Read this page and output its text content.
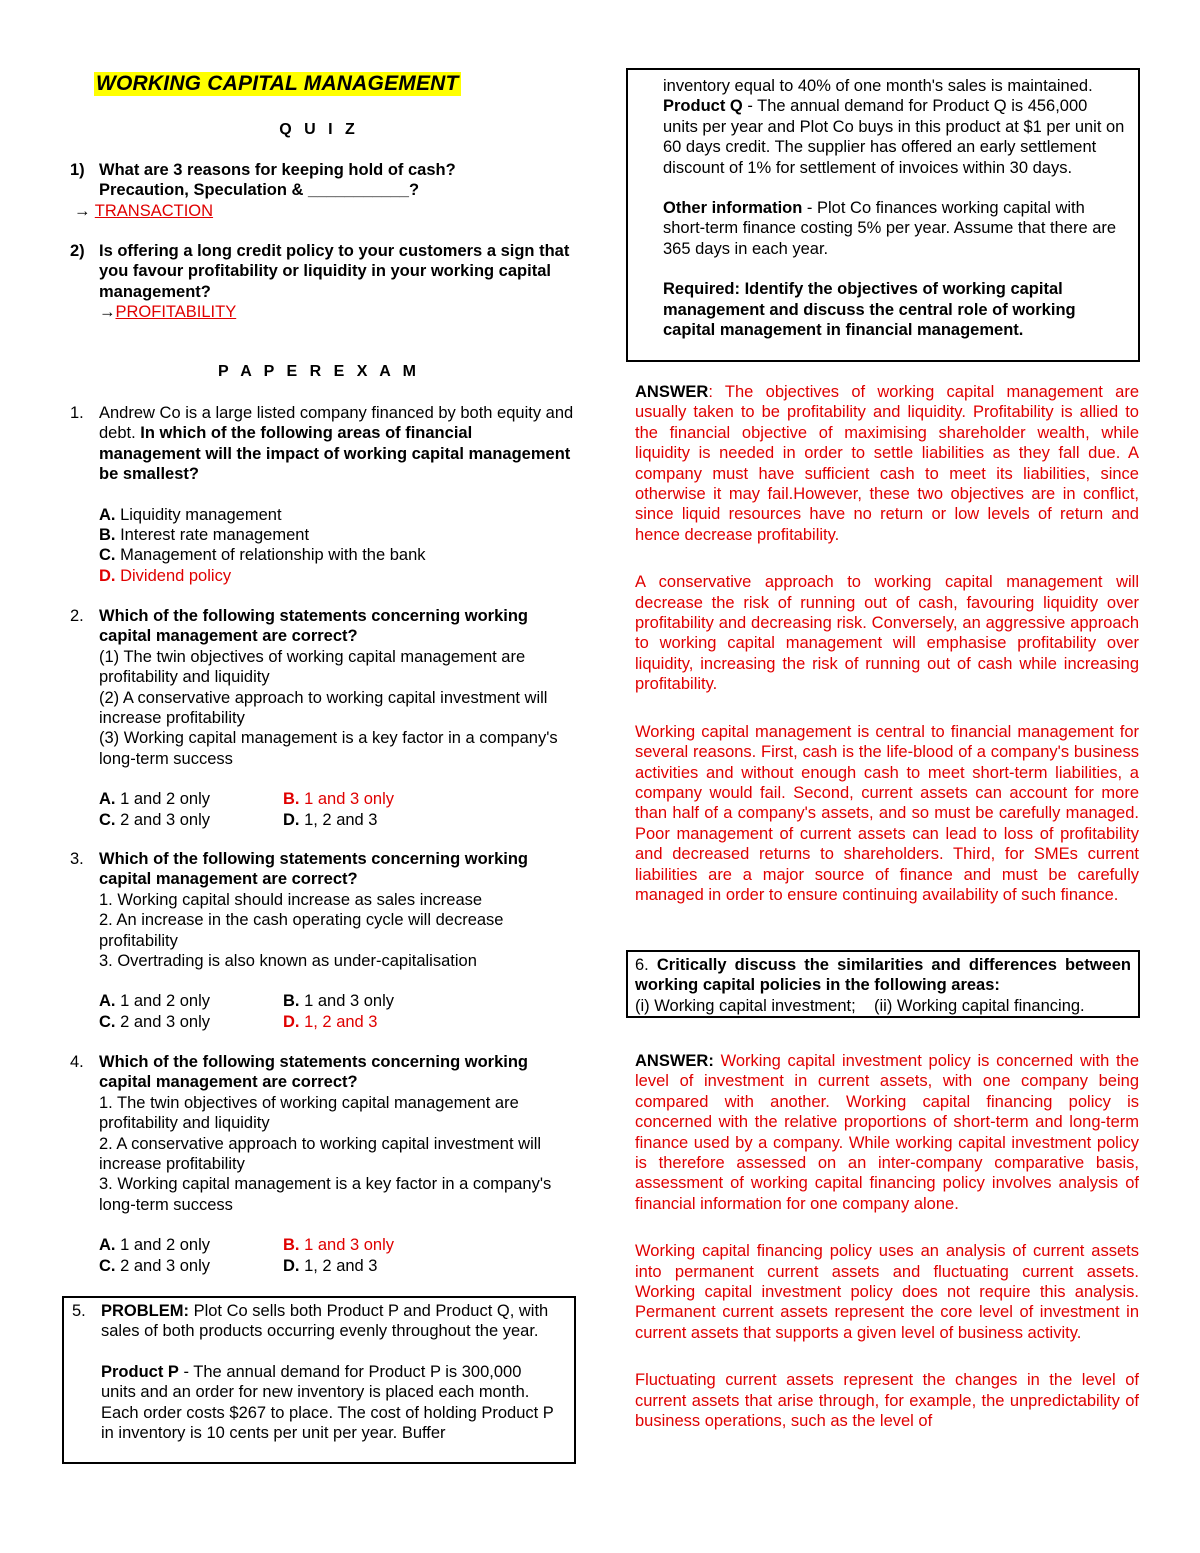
WORKING CAPITAL MANAGEMENT
Q U I Z
1) What are 3 reasons for keeping hold of cash?
Precaution, Speculation & ___________?
→ TRANSACTION
2) Is offering a long credit policy to your customers a sign that you favour profitability or liquidity in your working capital management?
→PROFITABILITY
P A P E R E X A M
1. Andrew Co is a large listed company financed by both equity and debt. In which of the following areas of financial management will the impact of working capital management be smallest?
A. Liquidity management
B. Interest rate management
C. Management of relationship with the bank
D. Dividend policy
2. Which of the following statements concerning working capital management are correct?
(1) The twin objectives of working capital management are profitability and liquidity
(2) A conservative approach to working capital investment will increase profitability
(3) Working capital management is a key factor in a company's long-term success
A. 1 and 2 only	B. 1 and 3 only
C. 2 and 3 only	D. 1, 2 and 3
3. Which of the following statements concerning working capital management are correct?
1. Working capital should increase as sales increase
2. An increase in the cash operating cycle will decrease profitability
3. Overtrading is also known as under-capitalisation
A. 1 and 2 only	B. 1 and 3 only
C. 2 and 3 only	D. 1, 2 and 3
4. Which of the following statements concerning working capital management are correct?
1. The twin objectives of working capital management are profitability and liquidity
2. A conservative approach to working capital investment will increase profitability
3. Working capital management is a key factor in a company's long-term success
A. 1 and 2 only	B. 1 and 3 only
C. 2 and 3 only	D. 1, 2 and 3
5. PROBLEM: Plot Co sells both Product P and Product Q, with sales of both products occurring evenly throughout the year.
Product P - The annual demand for Product P is 300,000 units and an order for new inventory is placed each month. Each order costs $267 to place. The cost of holding Product P in inventory is 10 cents per unit per year. Buffer
inventory equal to 40% of one month's sales is maintained.
Product Q - The annual demand for Product Q is 456,000 units per year and Plot Co buys in this product at $1 per unit on 60 days credit. The supplier has offered an early settlement discount of 1% for settlement of invoices within 30 days.
Other information - Plot Co finances working capital with short-term finance costing 5% per year. Assume that there are 365 days in each year.
Required: Identify the objectives of working capital management and discuss the central role of working capital management in financial management.

ANSWER: The objectives of working capital management are usually taken to be profitability and liquidity. Profitability is allied to the financial objective of maximising shareholder wealth, while liquidity is needed in order to settle liabilities as they fall due. A company must have sufficient cash to meet its liabilities, since otherwise it may fail.However, these two objectives are in conflict, since liquid resources have no return or low levels of return and hence decrease profitability.

A conservative approach to working capital management will decrease the risk of running out of cash, favouring liquidity over profitability and decreasing risk. Conversely, an aggressive approach to working capital management will emphasise profitability over liquidity, increasing the risk of running out of cash while increasing profitability.

Working capital management is central to financial management for several reasons. First, cash is the life-blood of a company's business activities and without enough cash to meet short-term liabilities, a company would fail. Second, current assets can account for more than half of a company's assets, and so must be carefully managed. Poor management of current assets can lead to loss of profitability and decreased returns to shareholders. Third, for SMEs current liabilities are a major source of finance and must be carefully managed in order to ensure continuing availability of such finance.

6. Critically discuss the similarities and differences between working capital policies in the following areas:
(i) Working capital investment;    (ii) Working capital financing.

ANSWER: Working capital investment policy is concerned with the level of investment in current assets, with one company being compared with another. Working capital financing policy is concerned with the relative proportions of short-term and long-term finance used by a company. While working capital investment policy is therefore assessed on an inter-company comparative basis, assessment of working capital financing policy involves analysis of financial information for one company alone.

Working capital financing policy uses an analysis of current assets into permanent current assets and fluctuating current assets. Working capital investment policy does not require this analysis. Permanent current assets represent the core level of investment in current assets that supports a given level of business activity.

Fluctuating current assets represent the changes in the level of current assets that arise through, for example, the unpredictability of business operations, such as the level of
